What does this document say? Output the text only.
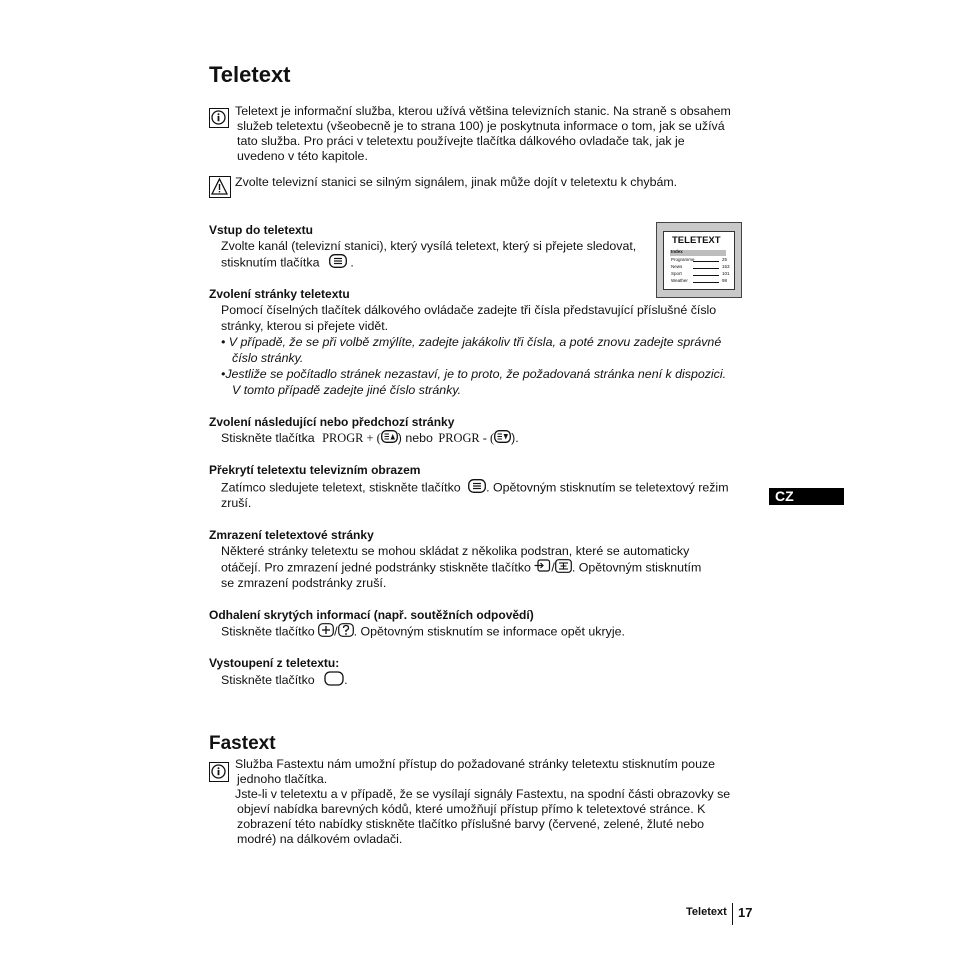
Teletext
Teletext je informační služba, kterou užívá většina televizních stanic. Na straně s obsahem
služeb teletextu (všeobecně je to strana 100) je poskytnuta informace o tom, jak se užívá
tato služba. Pro práci v teletextu používejte tlačítka dálkového ovladače tak, jak je
uvedeno v této kapitole.
Zvolte televizní stanici se silným signálem, jinak může dojít v teletextu k chybám.
TELETEXT
Index
Programme	25
News	153
Sport	101
Weather	98
Vstup do teletextu
Zvolte kanál (televizní stanici), který vysílá teletext, který si přejete sledovat,
stisknutím tlačítka .
Zvolení stránky teletextu
Pomocí číselných tlačítek dálkového ovládače zadejte tři čísla představující příslušné číslo
stránky, kterou si přejete vidět.
• V případě, že se při volbě zmýlíte, zadejte jakákoliv tři čísla, a poté znovu zadejte správné
číslo stránky.
•Jestliže se počítadlo stránek nezastaví, je to proto, že požadovaná stránka není k dispozici.
V tomto případě zadejte jiné číslo stránky.
Zvolení následující nebo předchozí stránky
Stiskněte tlačítka PROGR + ( ) nebo PROGR - ( ).
Překrytí teletextu televizním obrazem
Zatímco sledujete teletext, stiskněte tlačítko . Opětovným stisknutím se teletextový režim
zruší.	CZ
Zmrazení teletextové stránky
Některé stránky teletextu se mohou skládat z několika podstran, které se automaticky
otáčejí. Pro zmrazení jedné podstránky stiskněte tlačítko / . Opětovným stisknutím
se zmrazení podstránky zruší.
Odhalení skrytých informací (např. soutěžních odpovědí)
Stiskněte tlačítko / . Opětovným stisknutím se informace opět ukryje.
Vystoupení z teletextu:
Stiskněte tlačítko .
Fastext
Služba Fastextu nám umožní přístup do požadované stránky teletextu stisknutím pouze
jednoho tlačítka.
Jste-li v teletextu a v případě, že se vysílají signály Fastextu, na spodní části obrazovky se
objeví nabídka barevných kódů, které umožňují přístup přímo k teletextové stránce. K
zobrazení této nabídky stiskněte tlačítko příslušné barvy (červené, zelené, žluté nebo
modré) na dálkovém ovladači.
Teletext 17
